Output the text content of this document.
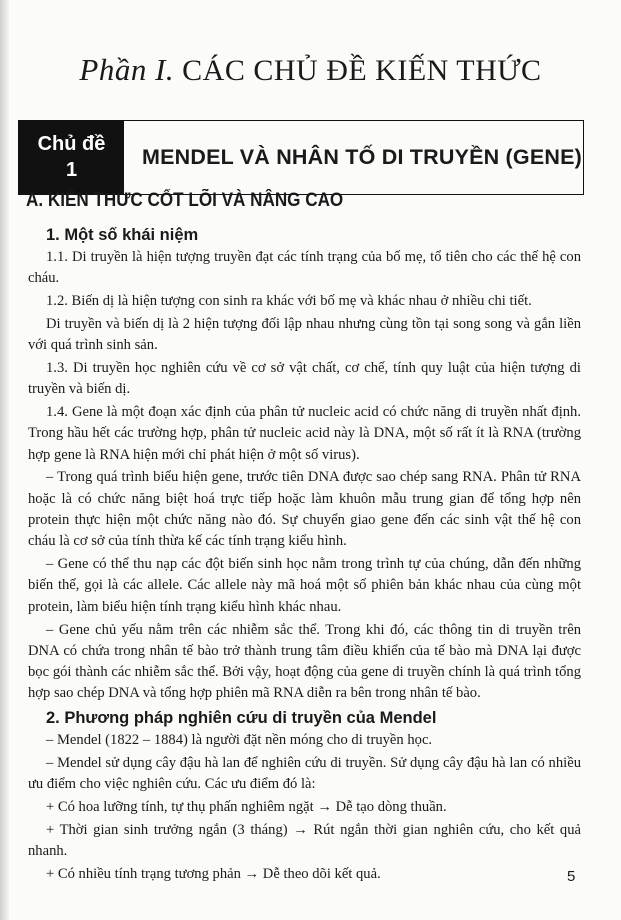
Phần I. CÁC CHỦ ĐỀ KIẾN THỨC
Chủ đề
1
MENDEL VÀ NHÂN TỐ DI TRUYỀN (GENE)
A. KIẾN THỨC CỐT LÕI VÀ NÂNG CAO
1. Một số khái niệm

1.1. Di truyền là hiện tượng truyền đạt các tính trạng của bố mẹ, tổ tiên cho các thế hệ con cháu.

1.2. Biến dị là hiện tượng con sinh ra khác với bố mẹ và khác nhau ở nhiều chi tiết.

Di truyền và biến dị là 2 hiện tượng đối lập nhau nhưng cùng tồn tại song song và gắn liền với quá trình sinh sản.

1.3. Di truyền học nghiên cứu về cơ sở vật chất, cơ chế, tính quy luật của hiện tượng di truyền và biến dị.

1.4. Gene là một đoạn xác định của phân tử nucleic acid có chức năng di truyền nhất định. Trong hầu hết các trường hợp, phân tử nucleic acid này là DNA, một số rất ít là RNA (trường hợp gene là RNA hiện mới chỉ phát hiện ở một số virus).

– Trong quá trình biểu hiện gene, trước tiên DNA được sao chép sang RNA. Phân tử RNA hoặc là có chức năng biệt hoá trực tiếp hoặc làm khuôn mẫu trung gian để tổng hợp nên protein thực hiện một chức năng nào đó. Sự chuyển giao gene đến các sinh vật thế hệ con cháu là cơ sở của tính thừa kế các tính trạng kiểu hình.

– Gene có thể thu nạp các đột biến sinh học nằm trong trình tự của chúng, dẫn đến những biến thể, gọi là các allele. Các allele này mã hoá một số phiên bản khác nhau của cùng một protein, làm biểu hiện tính trạng kiểu hình khác nhau.

– Gene chủ yếu nằm trên các nhiễm sắc thể. Trong khi đó, các thông tin di truyền trên DNA có chứa trong nhân tế bào trở thành trung tâm điều khiển của tế bào mà DNA lại được bọc gói thành các nhiễm sắc thể. Bởi vậy, hoạt động của gene di truyền chính là quá trình tổng hợp sao chép DNA và tổng hợp phiên mã RNA diễn ra bên trong nhân tế bào.

2. Phương pháp nghiên cứu di truyền của Mendel

– Mendel (1822 – 1884) là người đặt nền móng cho di truyền học.

– Mendel sử dụng cây đậu hà lan để nghiên cứu di truyền. Sử dụng cây đậu hà lan có nhiều ưu điểm cho việc nghiên cứu. Các ưu điểm đó là:

+ Có hoa lưỡng tính, tự thụ phấn nghiêm ngặt → Dễ tạo dòng thuần.

+ Thời gian sinh trưởng ngắn (3 tháng) → Rút ngắn thời gian nghiên cứu, cho kết quả nhanh.

+ Có nhiều tính trạng tương phản → Dễ theo dõi kết quả.	5
